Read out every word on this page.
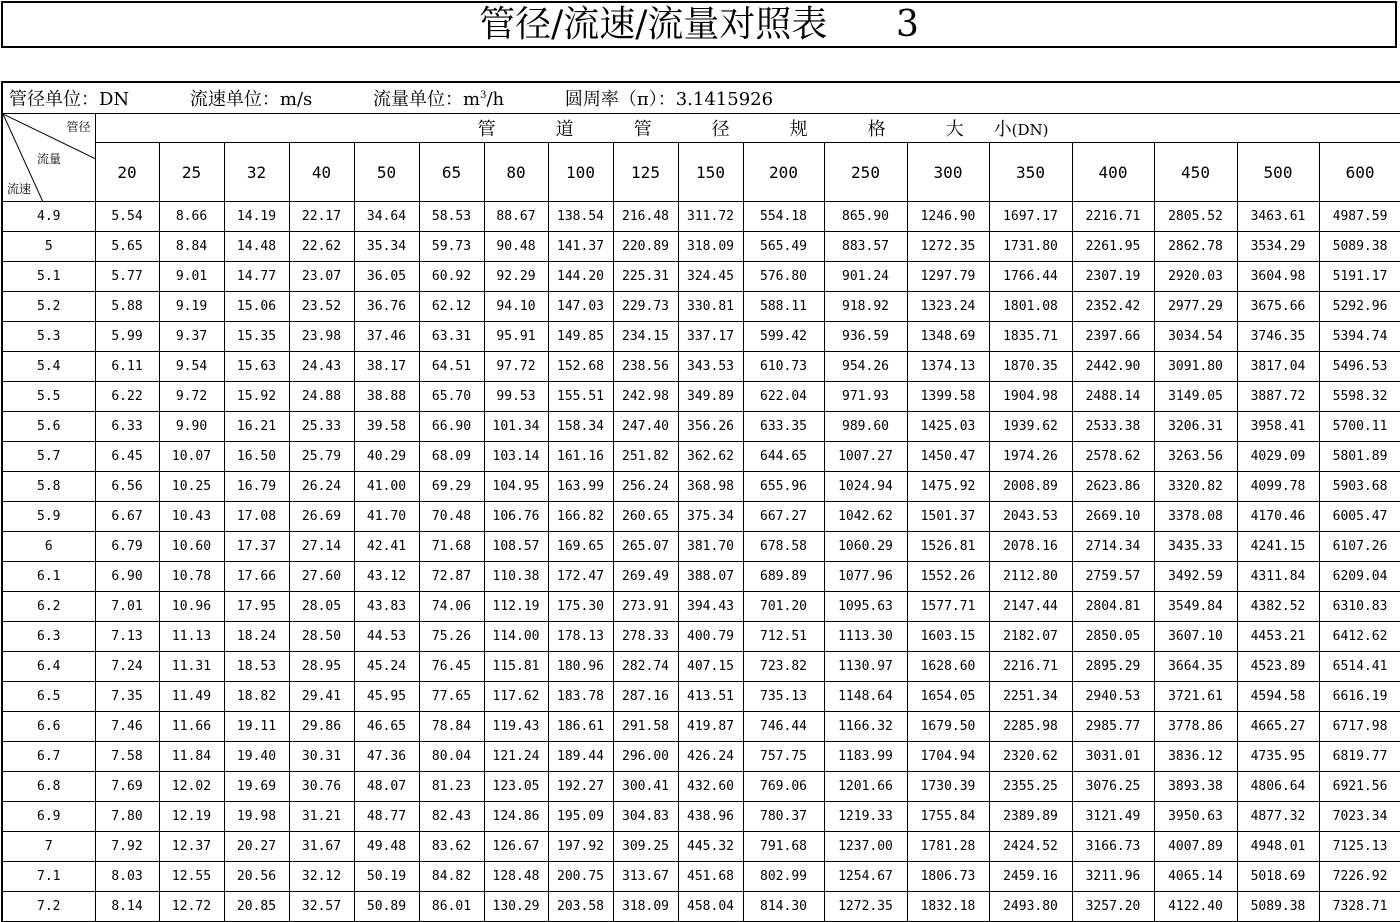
管径/流速/流量对照表      3
管径单位：DN 流速单位：m/s 流量单位：$m^3/h$ 圆周率（π）：3.1415926																		

管径
流量
流速	管 道 管 径 规 格 大 小(DN)																	
	20	25	32	40	50	65	80	100	125	150	200	250	300	350	400	450	500	600
4.9	5.54	8.66	14.19	22.17	34.64	58.53	88.67	138.54	216.48	311.72	554.18	865.90	1246.90	1697.17	2216.71	2805.52	3463.61	4987.59
5	5.65	8.84	14.48	22.62	35.34	59.73	90.48	141.37	220.89	318.09	565.49	883.57	1272.35	1731.80	2261.95	2862.78	3534.29	5089.38
5.1	5.77	9.01	14.77	23.07	36.05	60.92	92.29	144.20	225.31	324.45	576.80	901.24	1297.79	1766.44	2307.19	2920.03	3604.98	5191.17
5.2	5.88	9.19	15.06	23.52	36.76	62.12	94.10	147.03	229.73	330.81	588.11	918.92	1323.24	1801.08	2352.42	2977.29	3675.66	5292.96
5.3	5.99	9.37	15.35	23.98	37.46	63.31	95.91	149.85	234.15	337.17	599.42	936.59	1348.69	1835.71	2397.66	3034.54	3746.35	5394.74
5.4	6.11	9.54	15.63	24.43	38.17	64.51	97.72	152.68	238.56	343.53	610.73	954.26	1374.13	1870.35	2442.90	3091.80	3817.04	5496.53
5.5	6.22	9.72	15.92	24.88	38.88	65.70	99.53	155.51	242.98	349.89	622.04	971.93	1399.58	1904.98	2488.14	3149.05	3887.72	5598.32
5.6	6.33	9.90	16.21	25.33	39.58	66.90	101.34	158.34	247.40	356.26	633.35	989.60	1425.03	1939.62	2533.38	3206.31	3958.41	5700.11
5.7	6.45	10.07	16.50	25.79	40.29	68.09	103.14	161.16	251.82	362.62	644.65	1007.27	1450.47	1974.26	2578.62	3263.56	4029.09	5801.89
5.8	6.56	10.25	16.79	26.24	41.00	69.29	104.95	163.99	256.24	368.98	655.96	1024.94	1475.92	2008.89	2623.86	3320.82	4099.78	5903.68
5.9	6.67	10.43	17.08	26.69	41.70	70.48	106.76	166.82	260.65	375.34	667.27	1042.62	1501.37	2043.53	2669.10	3378.08	4170.46	6005.47
6	6.79	10.60	17.37	27.14	42.41	71.68	108.57	169.65	265.07	381.70	678.58	1060.29	1526.81	2078.16	2714.34	3435.33	4241.15	6107.26
6.1	6.90	10.78	17.66	27.60	43.12	72.87	110.38	172.47	269.49	388.07	689.89	1077.96	1552.26	2112.80	2759.57	3492.59	4311.84	6209.04
6.2	7.01	10.96	17.95	28.05	43.83	74.06	112.19	175.30	273.91	394.43	701.20	1095.63	1577.71	2147.44	2804.81	3549.84	4382.52	6310.83
6.3	7.13	11.13	18.24	28.50	44.53	75.26	114.00	178.13	278.33	400.79	712.51	1113.30	1603.15	2182.07	2850.05	3607.10	4453.21	6412.62
6.4	7.24	11.31	18.53	28.95	45.24	76.45	115.81	180.96	282.74	407.15	723.82	1130.97	1628.60	2216.71	2895.29	3664.35	4523.89	6514.41
6.5	7.35	11.49	18.82	29.41	45.95	77.65	117.62	183.78	287.16	413.51	735.13	1148.64	1654.05	2251.34	2940.53	3721.61	4594.58	6616.19
6.6	7.46	11.66	19.11	29.86	46.65	78.84	119.43	186.61	291.58	419.87	746.44	1166.32	1679.50	2285.98	2985.77	3778.86	4665.27	6717.98
6.7	7.58	11.84	19.40	30.31	47.36	80.04	121.24	189.44	296.00	426.24	757.75	1183.99	1704.94	2320.62	3031.01	3836.12	4735.95	6819.77
6.8	7.69	12.02	19.69	30.76	48.07	81.23	123.05	192.27	300.41	432.60	769.06	1201.66	1730.39	2355.25	3076.25	3893.38	4806.64	6921.56
6.9	7.80	12.19	19.98	31.21	48.77	82.43	124.86	195.09	304.83	438.96	780.37	1219.33	1755.84	2389.89	3121.49	3950.63	4877.32	7023.34
7	7.92	12.37	20.27	31.67	49.48	83.62	126.67	197.92	309.25	445.32	791.68	1237.00	1781.28	2424.52	3166.73	4007.89	4948.01	7125.13
7.1	8.03	12.55	20.56	32.12	50.19	84.82	128.48	200.75	313.67	451.68	802.99	1254.67	1806.73	2459.16	3211.96	4065.14	5018.69	7226.92
7.2	8.14	12.72	20.85	32.57	50.89	86.01	130.29	203.58	318.09	458.04	814.30	1272.35	1832.18	2493.80	3257.20	4122.40	5089.38	7328.71
